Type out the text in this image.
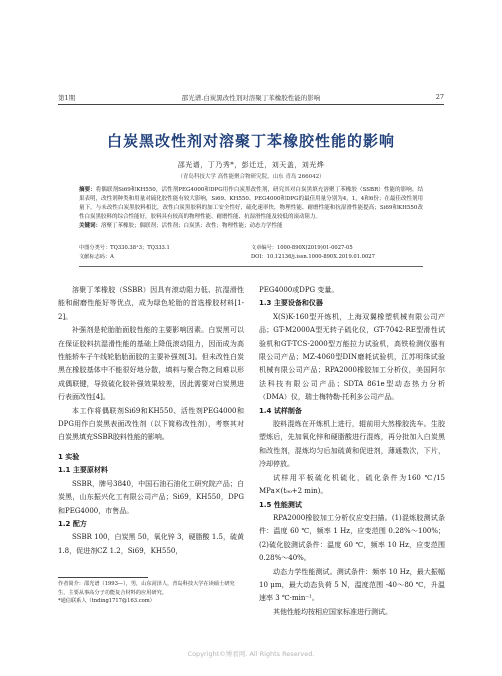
第1期	邵光谱.白炭黑改性剂对溶聚丁苯橡胶性能的影响	27
白炭黑改性剂对溶聚丁苯橡胶性能的影响
邵光谱，丁乃秀*，彭迁迁，刘天盖，刘光烨
（青岛科技大学 高性能聚合物研究院，山东 青岛 266042）
摘要：将偶联剂Si69和KH550，活性剂PEG4000和DPG用作白炭黑改性剂，研究其对白炭黑填充溶聚丁苯橡胶（SSBR）性能的影响。结果表明，改性剂种类和用量对硫化胶性能有较大影响，Si69、KH550、PEG4000和DPG的最佳用量分别为4，1，4和6份；在最佳改性剂用量下，与未改性白炭黑胶料相比，改性白炭黑胶料的加工安全性好，硫化速率快，物理性能、耐磨性能和抗湿滑性能提高；Si69和KH550改性白炭黑胶料的综合性能好，胶料具有较高的物理性能、耐磨性能、抗湿滑性能及较低的滚动阻力。
关键词：溶聚丁苯橡胶；偶联剂；活性剂；白炭黑；改性；物理性能；动态力学性能
中图分类号：TQ330.38⁺3；TQ333.1	文章编号：1000-890X(2019)01-0027-05
文献标志码：A	DOI：10.12136/j.issn.1000-890X.2019.01.0027

溶聚丁苯橡胶（SSBR）因具有滚动阻力低、抗湿滑性能和耐磨性能好等优点，成为绿色轮胎的首选橡胶材料[1-2]。

补强剂是轮胎胎面胶性能的主要影响因素。白炭黑可以在保证胶料抗湿滑性能的基础上降低滚动阻力，因而成为高性能轿车子午线轮胎胎面胶的主要补强剂[3]。但未改性白炭黑在橡胶基体中不能很好地分散，填料与聚合物之间难以形成偶联键，导致硫化胶补强效果较差，因此需要对白炭黑进行表面改性[4]。

本工作将偶联剂Si69和KH550、活性剂PEG4000和DPG用作白炭黑表面改性剂（以下简称改性剂），考察其对白炭黑填充SSBR胶料性能的影响。

1 实验
1.1 主要原材料

SSBR，牌号3840，中国石油石油化工研究院产品；白炭黑，山东振兴化工有限公司产品；Si69，KH550，DPG和PEG4000，市售品。

1.2 配方

SSBR 100，白炭黑 50，氧化锌 3，硬脂酸 1.5，硫黄 1.8，促进剂CZ 1.2，Si69，KH550，

作者简介：邵光谱（1993—），男，山东菏泽人，青岛科技大学在读硕士研究生，主要从事高分子功能复合材料的应用研究。
*通信联系人（tnding1717@163.com）

PEG4000或DPG 变量。

1.3 主要设备和仪器

X(S)K-160型开炼机，上海双翼橡塑机械有限公司产品；GT-M2000A型无转子硫化仪，GT-7042-RE型滑性试验机和GT-TCS-2000型万能拉力试验机，高铁检测仪器有限公司产品；MZ-4060型DIN磨耗试验机，江苏明珠试验机械有限公司产品；RPA2000橡胶加工分析仪，美国阿尔法科技有限公司产品；SDTA 861e型动态热力分析（DMA）仪，瑞士梅特勒-托利多公司产品。

1.4 试样制备

胶料混炼在开炼机上进行，辊前用大然橡胶洗车。生胶塑炼后，先加氧化锌和硬脂酸进行混炼，再分批加入白炭黑和改性剂，混炼均匀后加硫黄和促进剂，薄通数次，下片，冷却停放。

试样用平板硫化机硫化，硫化条件为160 ℃/15 MPa×(t₉₀+2 min)。

1.5 性能测试

RPA2000橡胶加工分析仪应变扫描。(1)混炼胶测试条件：温度 60 ℃，频率 1 Hz，应变范围 0.28%～100%；(2)硫化胶测试条件：温度 60 ℃，频率 10 Hz，应变范围 0.28%～40%。

动态力学性能测试。测试条件：频率 10 Hz，最大振幅 10 μm，最大动态负荷 5 N，温度范围 -40～80 ℃，升温速率 3 ℃·min⁻¹。

其他性能均按相应国家标准进行测试。

Copyright©博看网. All Rights Reserved.
